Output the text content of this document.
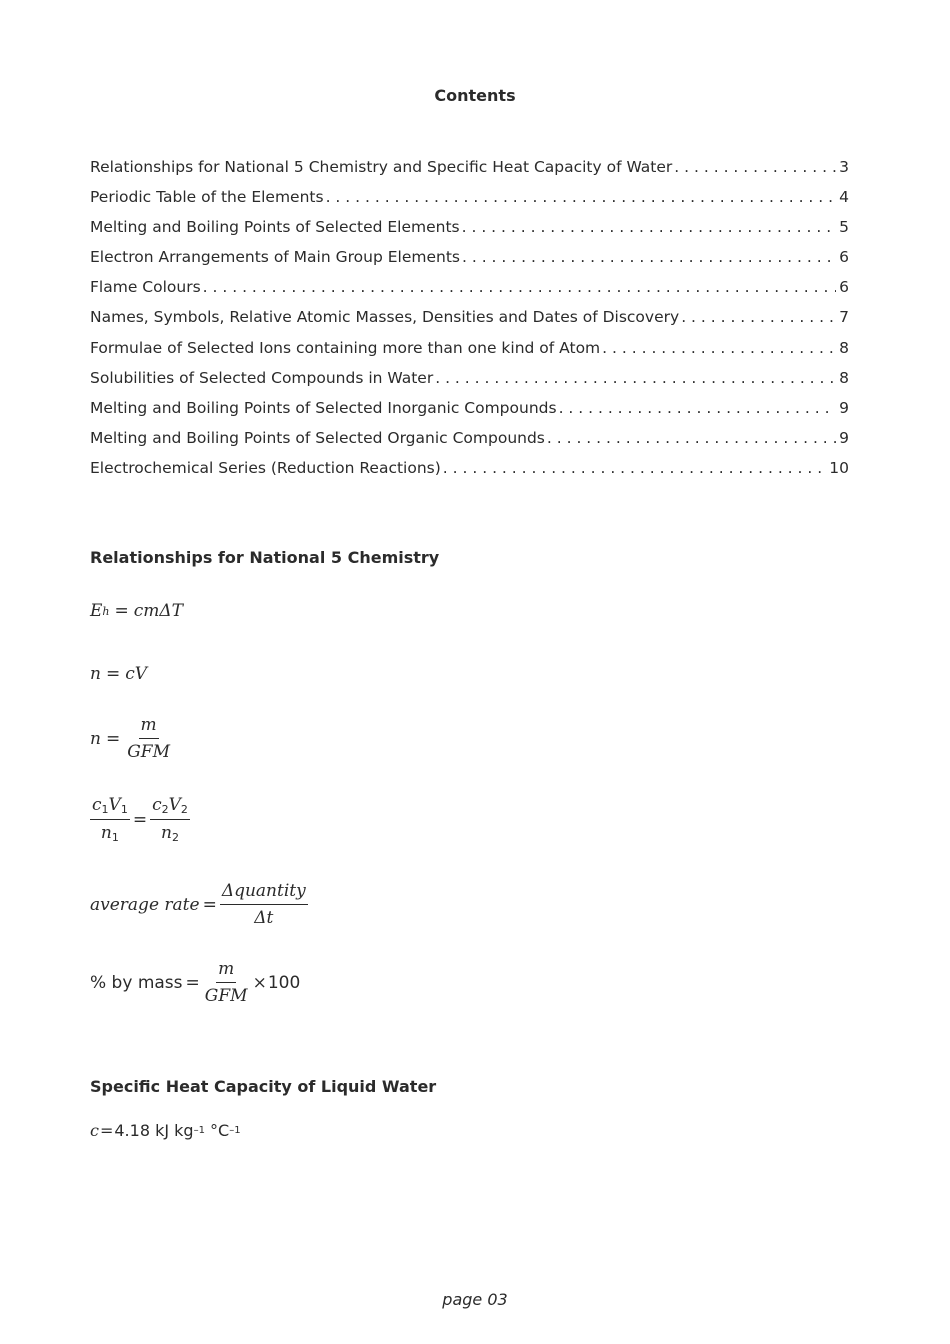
Contents
Relationships for National 5 Chemistry and Specific Heat Capacity of Water . . .	3
Periodic Table of the Elements . . .	4
Melting and Boiling Points of Selected Elements . . .	5
Electron Arrangements of Main Group Elements . . .	6
Flame Colours . . .	6
Names, Symbols, Relative Atomic Masses, Densities and Dates of Discovery . . .	7
Formulae of Selected Ions containing more than one kind of Atom . . .	8
Solubilities of Selected Compounds in Water . . .	8
Melting and Boiling Points of Selected Inorganic Compounds . . .	9
Melting and Boiling Points of Selected Organic Compounds . . .	9
Electrochemical Series (Reduction Reactions) . . .	10
Relationships for National 5 Chemistry
E h = cmΔT
n = cV
$n = \frac{m}{\text{GFM}}$
$\frac{c_1V_1}{n_1} = \frac{c_2V_2}{n_2}$
average rate = $\frac{\text{Δquantity}}{\Delta t}$
% by mass = $\frac{m}{\text{GFM}} \times 100$
Specific Heat Capacity of Liquid Water
c = 4.18 kJ kg –1 °C –1
page 03
